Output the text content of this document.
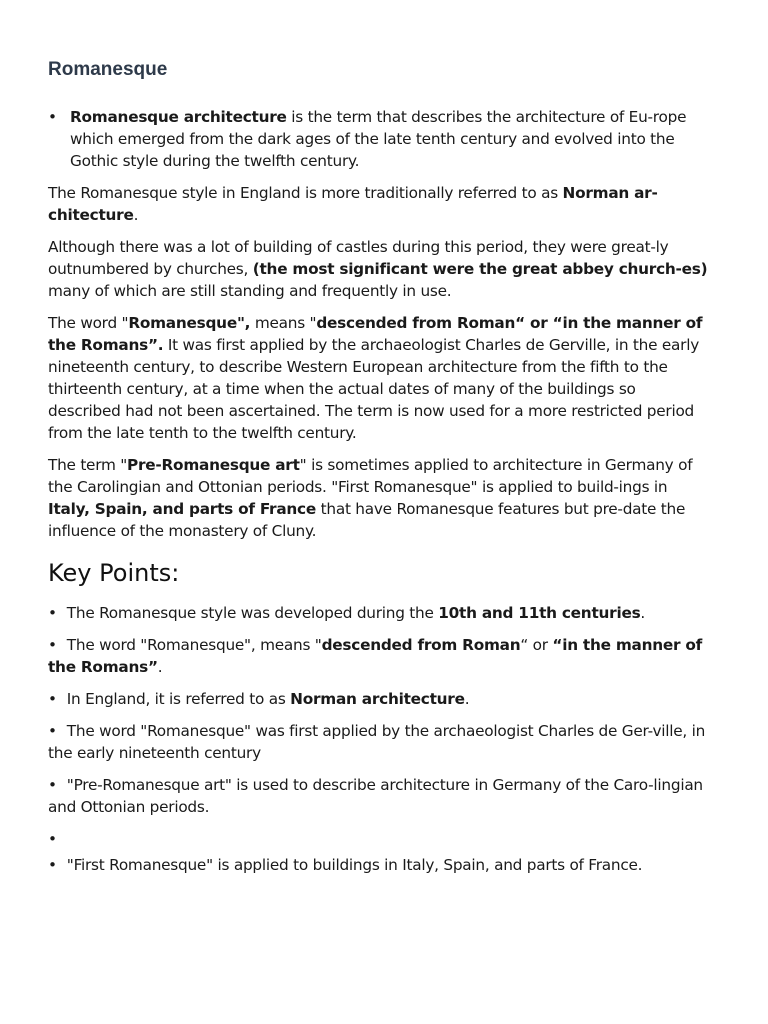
Romanesque
• Romanesque architecture is the term that describes the architecture of Eu-rope which emerged from the dark ages of the late tenth century and evolved into the Gothic style during the twelfth century.

The Romanesque style in England is more traditionally referred to as Norman ar-chitecture.

Although there was a lot of building of castles during this period, they were great-ly outnumbered by churches, (the most significant were the great abbey church-es) many of which are still standing and frequently in use.

The word "Romanesque", means "descended from Roman“ or “in the manner of the Romans”. It was first applied by the archaeologist Charles de Gerville, in the early nineteenth century, to describe Western European architecture from the fifth to the thirteenth century, at a time when the actual dates of many of the buildings so described had not been ascertained. The term is now used for a more restricted period from the late tenth to the twelfth century.

The term "Pre-Romanesque art" is sometimes applied to architecture in Germany of the Carolingian and Ottonian periods. "First Romanesque" is applied to build-ings in Italy, Spain, and parts of France that have Romanesque features but pre-date the influence of the monastery of Cluny.

Key Points:

• The Romanesque style was developed during the 10th and 11th centuries.

• The word "Romanesque", means "descended from Roman“ or “in the manner of the Romans”.

• In England, it is referred to as Norman architecture.

• The word "Romanesque" was first applied by the archaeologist Charles de Ger-ville, in the early nineteenth century

• "Pre-Romanesque art" is used to describe architecture in Germany of the Caro-lingian and Ottonian periods.

•

• "First Romanesque" is applied to buildings in Italy, Spain, and parts of France.
